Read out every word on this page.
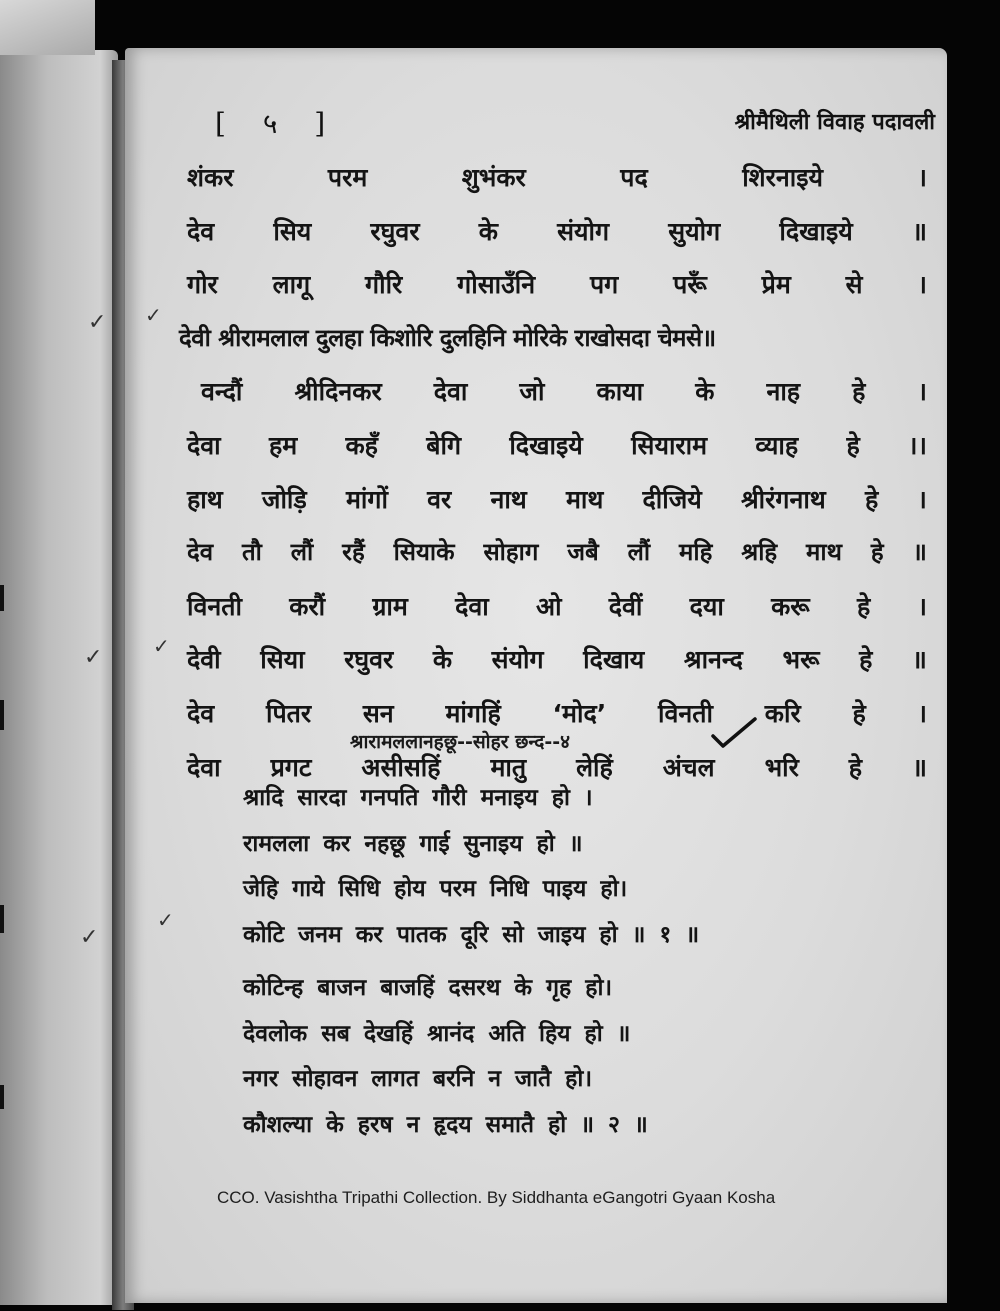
✓
✓
✓
[ ५ ]	श्रीमैथिली विवाह पदावली
✓
✓
✓
शंकर	परम	शुभंकर	पद	शिरनाइये	।
देव सिय रघुवर के संयोग सुयोग दिखाइये ॥
गोर लागू गौरि गोसाउँनि पग परूँ प्रेम से ।
देवी श्रीरामलाल दुलहा किशोरि दुलहिनि मोरिके राखोसदा चेमसे॥
वन्दौं श्रीदिनकर देवा जो काया के नाह हे ।
देवा हम कहँ बेगि दिखाइये सियाराम व्याह हे ।।
हाथ जोड़ि मांगों वर नाथ माथ दीजिये श्रीरंगनाथ हे ।
देव तौ लौं रहैं सियाके सोहाग जबै लौं महि श्रहि माथ हे ॥
विनती करौं ग्राम देवा ओ देवीं दया करू हे ।
देवी सिया रघुवर के संयोग दिखाय श्रानन्द भरू हे ॥
देव पितर सन मांगहिं ‘मोद’ विनती करि हे ।
देवा प्रगट असीसहिं मातु लेहिं अंचल भरि हे ॥
श्रारामललानहछू--सोहर छन्द--४
श्रादि सारदा गनपति गौरी मनाइय हो ।
रामलला कर नहछू गाई सुनाइय हो ॥
जेहि गाये सिधि होय परम निधि पाइय हो।
कोटि जनम कर पातक दूरि सो जाइय हो ॥ १ ॥
कोटिन्ह बाजन बाजहिं दसरथ के गृह हो।
देवलोक सब देखहिं श्रानंद अति हिय हो ॥
नगर सोहावन लागत बरनि न जातै हो।
कौशल्या के हरष न हृदय समातै हो ॥ २ ॥
CCO. Vasishtha Tripathi Collection. By Siddhanta eGangotri Gyaan Kosha
